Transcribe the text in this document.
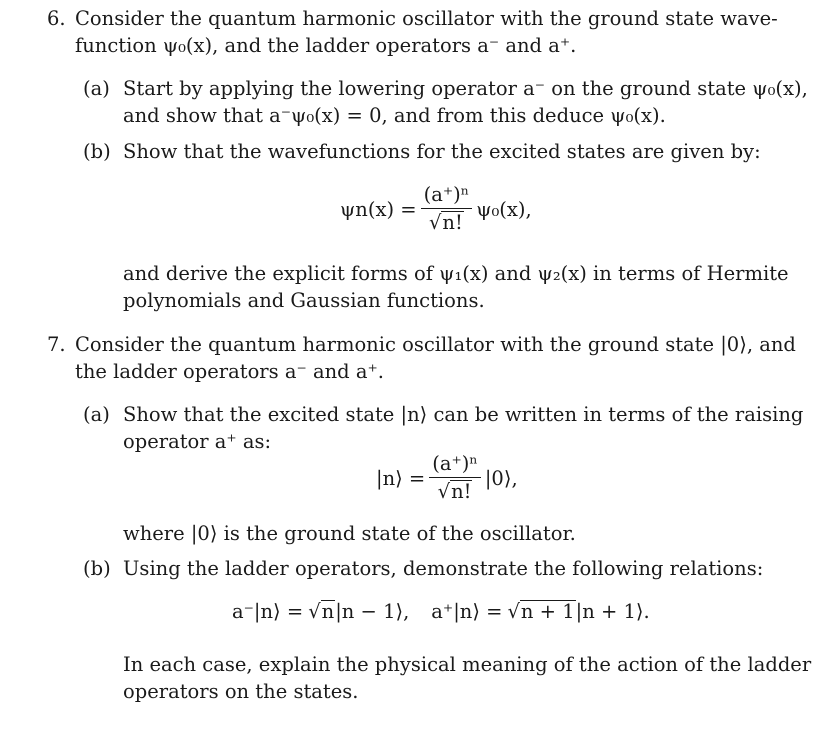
6. Consider the quantum harmonic oscillator with the ground state wave-
function ψ₀(x), and the ladder operators a⁻ and a⁺.
(a) Start by applying the lowering operator a⁻ on the ground state ψ₀(x),
and show that a⁻ψ₀(x) = 0, and from this deduce ψ₀(x).
(b) Show that the wavefunctions for the excited states are given by:
$\psi n(x) = \frac{\text{(a⁺)ⁿ}}{√ n!} \psi_0(x)$,
and derive the explicit forms of ψ₁(x) and ψ₂(x) in terms of Hermite
polynomials and Gaussian functions.
7. Consider the quantum harmonic oscillator with the ground state |0⟩, and
the ladder operators a⁻ and a⁺.
(a) Show that the excited state |n⟩ can be written in terms of the raising
operator a⁺ as:
|n⟩ = $\frac{\text{(a⁺)ⁿ}}{√ n!}$ |0⟩,
where |0⟩ is the ground state of the oscillator.
(b) Using the ladder operators, demonstrate the following relations:
a⁻|n⟩ = √ n |n − 1⟩, a⁺|n⟩ = √ n + 1 |n + 1⟩.
In each case, explain the physical meaning of the action of the ladder
operators on the states.
